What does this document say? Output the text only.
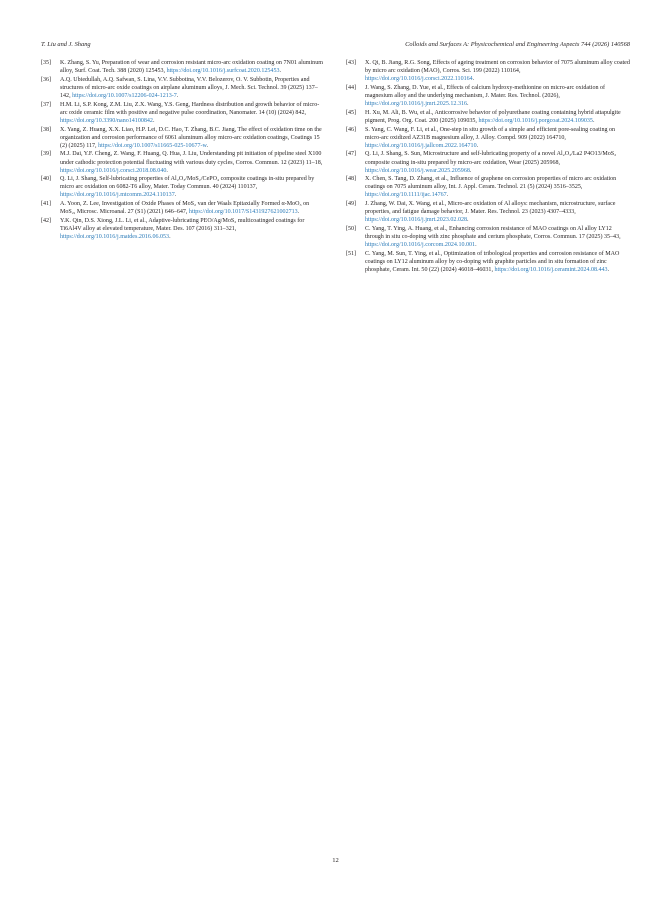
T. Liu and J. Shang	Colloids and Surfaces A: Physicochemical and Engineering Aspects 744 (2026) 140568
[35]	K. Zhang, S. Yu, Preparation of wear and corrosion resistant micro-arc oxidation coating on 7N01 aluminum alloy, Surf. Coat. Tech. 388 (2020) 125453, https://doi.org/10.1016/j.surfcoat.2020.125453.
[36]	A.Q. Ubiedullah, A.Q. Safwan, S. Lina, V.V. Subbotina, V.V. Belozerov, O. V. Subbotin, Properties and structures of micro-arc oxide coatings on airplane aluminum alloys, J. Mech. Sci. Technol. 39 (2025) 137–142, https://doi.org/10.1007/s12206-024-1213-7.
[37]	H.M. Li, S.P. Kong, Z.M. Liu, Z.X. Wang, Y.S. Geng, Hardness distribution and growth behavior of micro-arc oxide ceramic film with positive and negative pulse coordination, Nanomater. 14 (10) (2024) 842, https://doi.org/10.3390/nano14100842.
[38]	X. Yang, Z. Huang, X.X. Liao, H.P. Lei, D.C. Hao, T. Zhang, B.C. Jiang, The effect of oxidation time on the organization and corrosion performance of 6061 aluminum alloy micro-arc oxidation coatings, Coatings 15 (2) (2025) 117, https://doi.org/10.1007/s11665-025-10677-w.
[39]	M.J. Dai, Y.F. Cheng, Z. Wang, F. Huang, Q. Hua, J. Liu, Understanding pit initiation of pipeline steel X100 under cathodic protection potential fluctuating with various duty cycles, Corros. Commun. 12 (2023) 11–18, https://doi.org/10.1016/j.corsci.2018.08.040.
[40]	Q. Li, J. Shang, Self-lubricating properties of Al₂O₃/MoS₂/CePO₄ composite coatings in-situ prepared by micro arc oxidation on 6082-T6 alloy, Mater. Today Commun. 40 (2024) 110137, https://doi.org/10.1016/j.mtcomm.2024.110137.
[41]	A. Yoon, Z. Lee, Investigation of Oxide Phases of MoS₂ van der Waals Epitaxially Formed α-MoO₃ on MoS₂, Microsc. Microanal. 27 (S1) (2021) 646–647, https://doi.org/10.1017/S1431927621002713.
[42]	Y.K. Qin, D.S. Xiong, J.L. Li, et al., Adaptive-lubricating PEO/Ag/MoS₂ multicoatinged coatings for Ti6Al4V alloy at elevated temperature, Mater. Des. 107 (2016) 311–321, https://doi.org/10.1016/j.matdes.2016.06.053.
[43]	X. Qi, B. Jiang, R.G. Song, Effects of ageing treatment on corrosion behavior of 7075 aluminum alloy coated by micro arc oxidation (MAO), Corros. Sci. 199 (2022) 110164, https://doi.org/10.1016/j.corsci.2022.110164.
[44]	J. Wang, S. Zhang, D. Yue, et al., Effects of calcium hydroxy-methionine on micro-arc oxidation of magnesium alloy and the underlying mechanism, J. Mater. Res. Technol. (2026), https://doi.org/10.1016/j.jmrt.2025.12.316.
[45]	H. Xu, M. Ali, B. Wu, et al., Anticorrosive behavior of polyurethane coating containing hybrid attapulgite pigment, Prog. Org. Coat. 200 (2025) 109035, https://doi.org/10.1016/j.porgcoat.2024.109035.
[46]	S. Yang, C. Wang, F. Li, et al., One-step in situ growth of a simple and efficient pore-sealing coating on micro-arc oxidized AZ31B magnesium alloy, J. Alloy. Compd. 909 (2022) 164710, https://doi.org/10.1016/j.jallcom.2022.164710.
[47]	Q. Li, J. Shang, S. Sun, Microstructure and self-lubricating property of a novel Al₂O₃/La2 P4O13/MoS₂ composite coating in-situ prepared by micro-arc oxidation, Wear (2025) 205968, https://doi.org/10.1016/j.wear.2025.205968.
[48]	X. Chen, S. Tang, D. Zhang, et al., Influence of graphene on corrosion properties of micro arc oxidation coatings on 7075 aluminum alloy, Int. J. Appl. Ceram. Technol. 21 (5) (2024) 3516–3525, https://doi.org/10.1111/ijac.14767.
[49]	J. Zhang, W. Dai, X. Wang, et al., Micro-arc oxidation of Al alloys: mechanism, microstructure, surface properties, and fatigue damage behavior, J. Mater. Res. Technol. 23 (2023) 4307–4333, https://doi.org/10.1016/j.jmrt.2023.02.028.
[50]	C. Yang, T. Ying, A. Huang, et al., Enhancing corrosion resistance of MAO coatings on Al alloy LY12 through in situ co-doping with zinc phosphate and cerium phosphate, Corros. Commun. 17 (2025) 35–43, https://doi.org/10.1016/j.corcom.2024.10.001.
[51]	C. Yang, M. Sun, T. Ying, et al., Optimization of tribological properties and corrosion resistance of MAO coatings on LY12 aluminum alloy by co-doping with graphite particles and in situ formation of zinc phosphate, Ceram. Int. 50 (22) (2024) 46018–46031, https://doi.org/10.1016/j.ceramint.2024.08.443.
12
